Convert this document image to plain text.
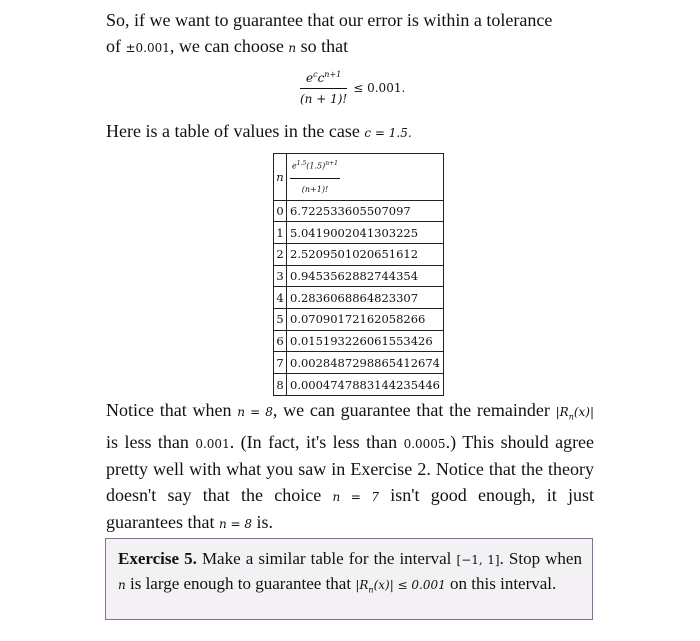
So, if we want to guarantee that our error is within a tolerance
of ±0.001, we can choose n so that

$\frac{e^cc^{n+1}}{(n + 1)!} \le 0.001$.

Here is a table of values in the case c = 1.5.

n	$\frac{e^{1.5}(1.5)^{n+1}}{(n+1)!}$

0	6.722533605507097
1	5.0419002041303225
2	2.5209501020651612
3	0.9453562882744354
4	0.2836068864823307
5	0.07090172162058266
6	0.015193226061553426
7	0.0028487298865412674
8	0.0004747883144235446

Notice that when n = 8, we can guarantee that the remainder $|R_n(x)|$ is less than 0.001. (In fact, it's less than 0.0005.) This should agree pretty well with what you saw in Exercise 2. Notice that the theory doesn't say that the choice n = 7 isn't good enough, it just guarantees that n = 8 is.

Exercise 5. Make a similar table for the interval [−1, 1]. Stop when n is large enough to guarantee that $|R_n(x)| \le 0.001$ on this interval.
